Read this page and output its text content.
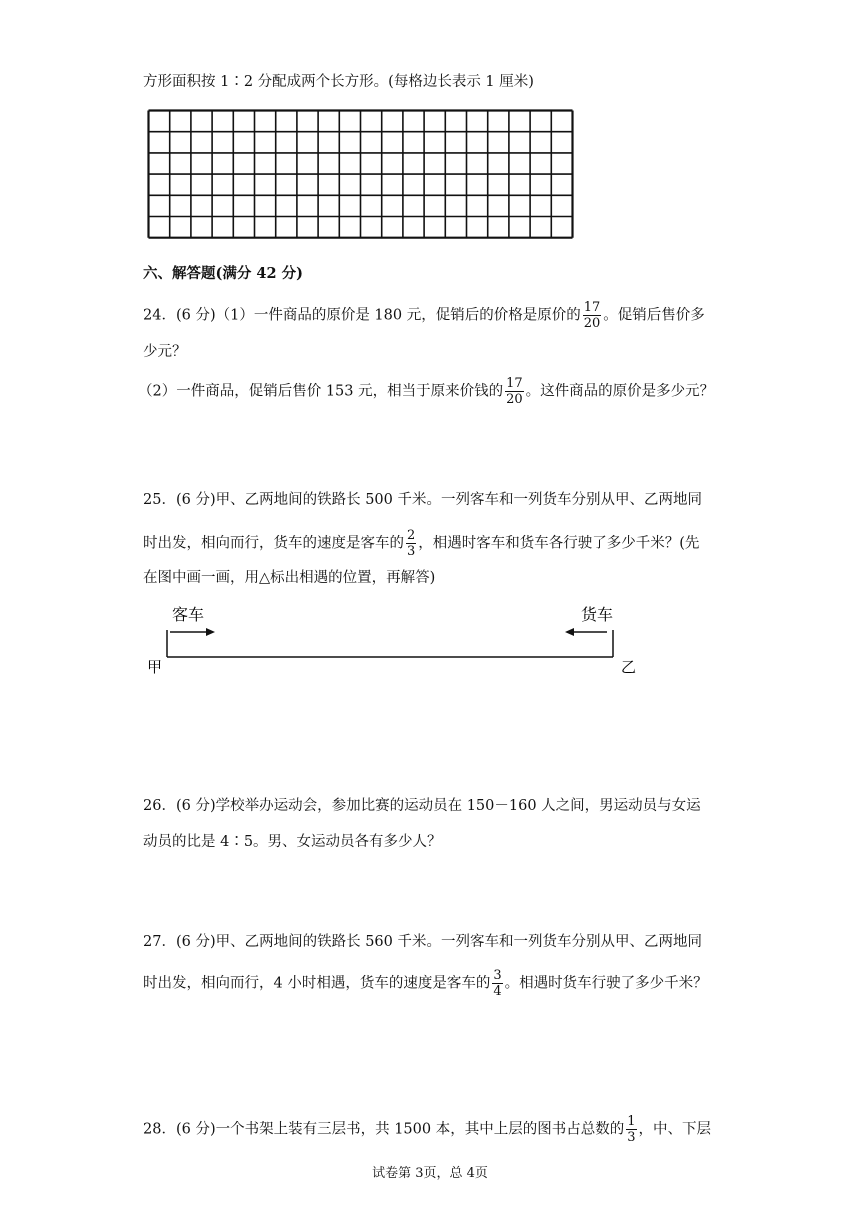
方形面积按 1∶2 分配成两个长方形。(每格边长表示 1 厘米)
六、解答题(满分 42 分)
24．(6 分)（1）一件商品的原价是 180 元，促销后的价格是原价的 $\frac{17}{20}$ 。促销后售价多
少元？
（2）一件商品，促销后售价 153 元，相当于原来价钱的 $\frac{17}{20}$ 。这件商品的原价是多少元？
25．(6 分)甲、乙两地间的铁路长 500 千米。一列客车和一列货车分别从甲、乙两地同
时出发，相向而行，货车的速度是客车的 $\frac{2}{3}$ ，相遇时客车和货车各行驶了多少千米？(先
在图中画一画，用△标出相遇的位置，再解答)
客车	货车
甲	乙
26．(6 分)学校举办运动会，参加比赛的运动员在 150－160 人之间，男运动员与女运
动员的比是 4∶5。男、女运动员各有多少人？
27．(6 分)甲、乙两地间的铁路长 560 千米。一列客车和一列货车分别从甲、乙两地同
时出发，相向而行，4 小时相遇，货车的速度是客车的 $\frac{3}{4}$ 。相遇时货车行驶了多少千米？
28．(6 分)一个书架上装有三层书，共 1500 本，其中上层的图书占总数的 $\frac{1}{3}$ ，中、下层
试卷第 3页，总 4页
